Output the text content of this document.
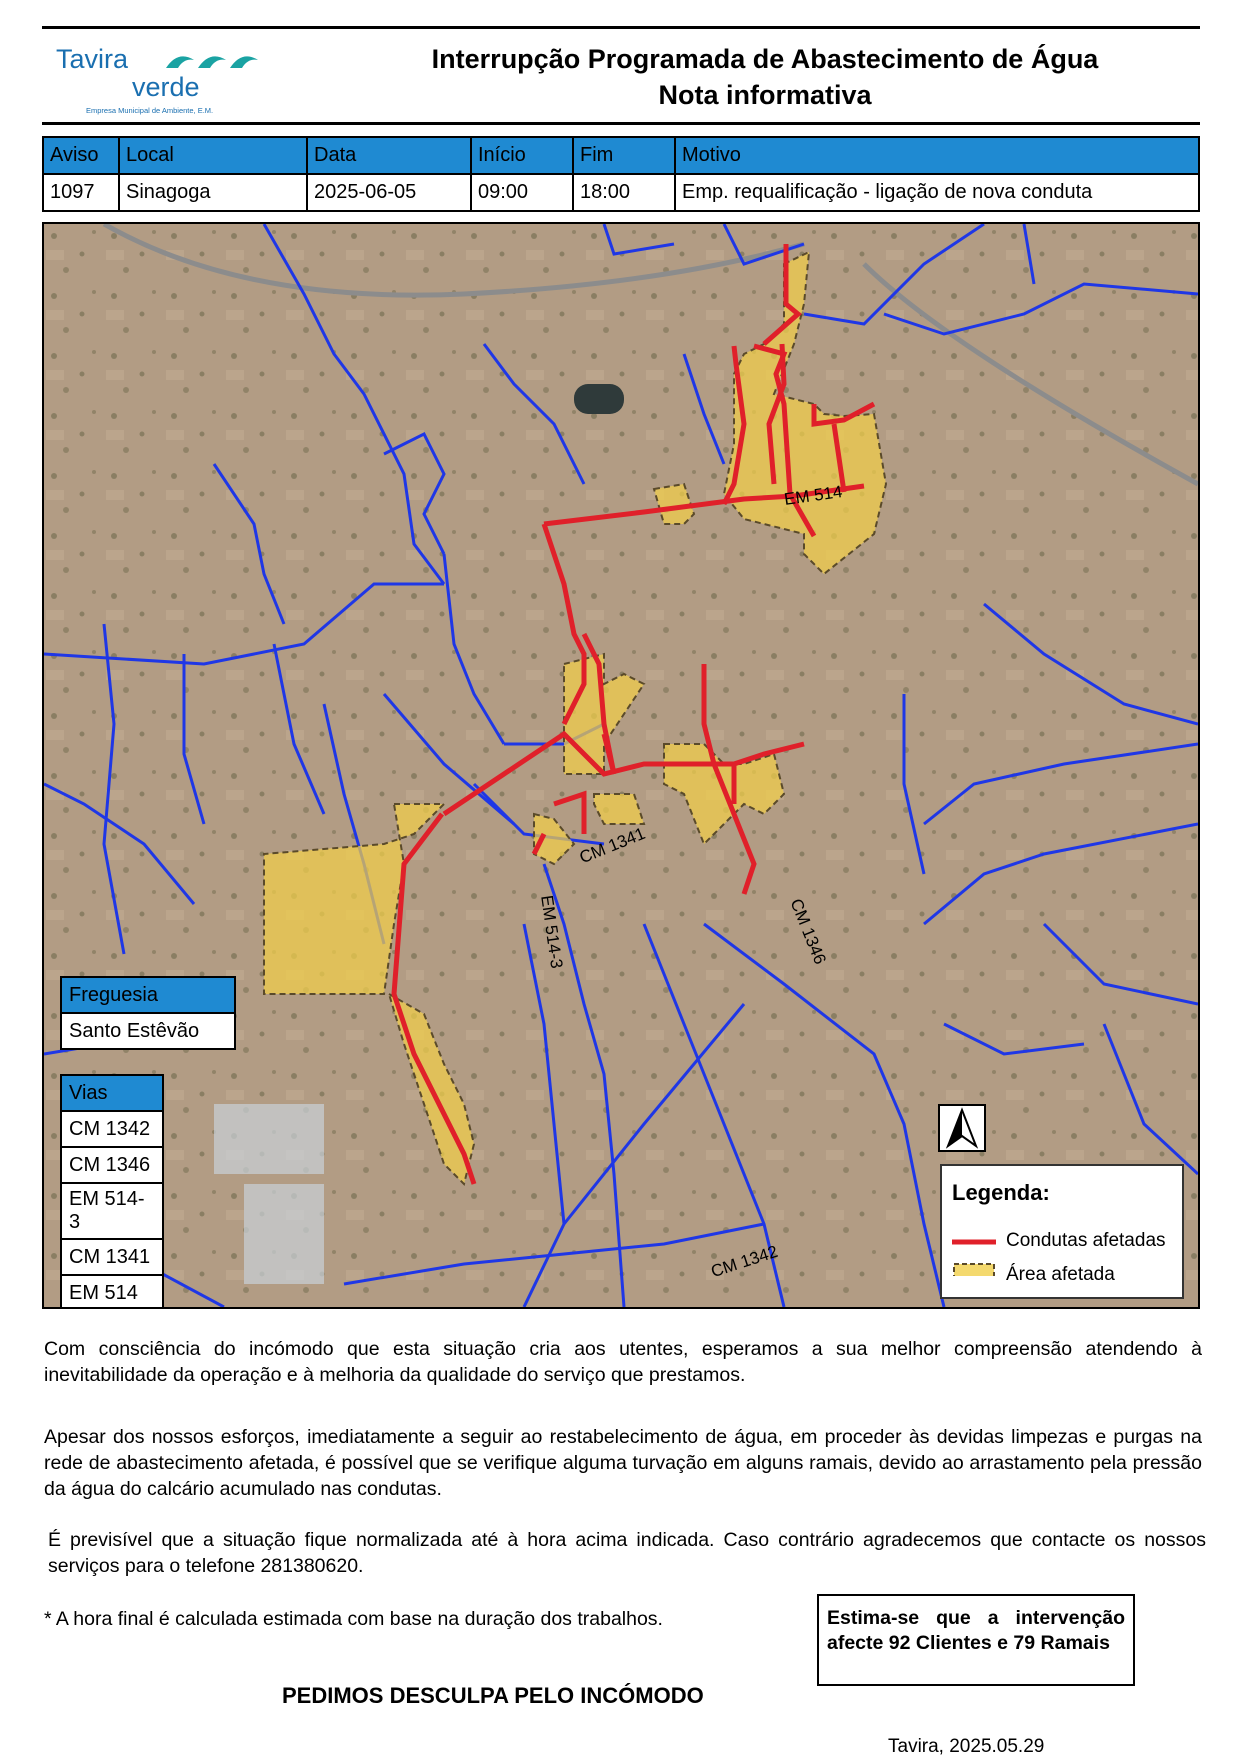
Tavira
verde
Empresa Municipal de Ambiente, E.M.
Interrupção Programada de Abastecimento de Água
Nota informativa
Aviso	Local	Data	Início	Fim	Motivo
1097	Sinagoga	2025-06-05	09:00	18:00	Emp. requalificação - ligação de nova conduta
EM 514
CM 1341
EM 514-3	CM 1346
CM 1342
Freguesia
Santo Estêvão
Vias
CM 1342
CM 1346
EM 514-3
CM 1341
EM 514
Legenda:
Condutas afetadas
Área afetada

Com consciência do incómodo que esta situação cria aos utentes, esperamos a sua melhor compreensão atendendo à inevitabilidade da operação e à melhoria da qualidade do serviço que prestamos.

Apesar dos nossos esforços, imediatamente a seguir ao restabelecimento de água, em proceder às devidas limpezas e purgas na rede de abastecimento afetada, é possível que se verifique alguma turvação em alguns ramais, devido ao arrastamento pela pressão da água do calcário acumulado nas condutas.

É previsível que a situação fique normalizada até à hora acima indicada. Caso contrário agradecemos que contacte os nossos serviços para o telefone 281380620.

* A hora final é calculada estimada com base na duração dos trabalhos.	Estima-se que a intervenção afecte 92 Clientes e 79 Ramais
PEDIMOS DESCULPA PELO INCÓMODO
Tavira, 2025.05.29
